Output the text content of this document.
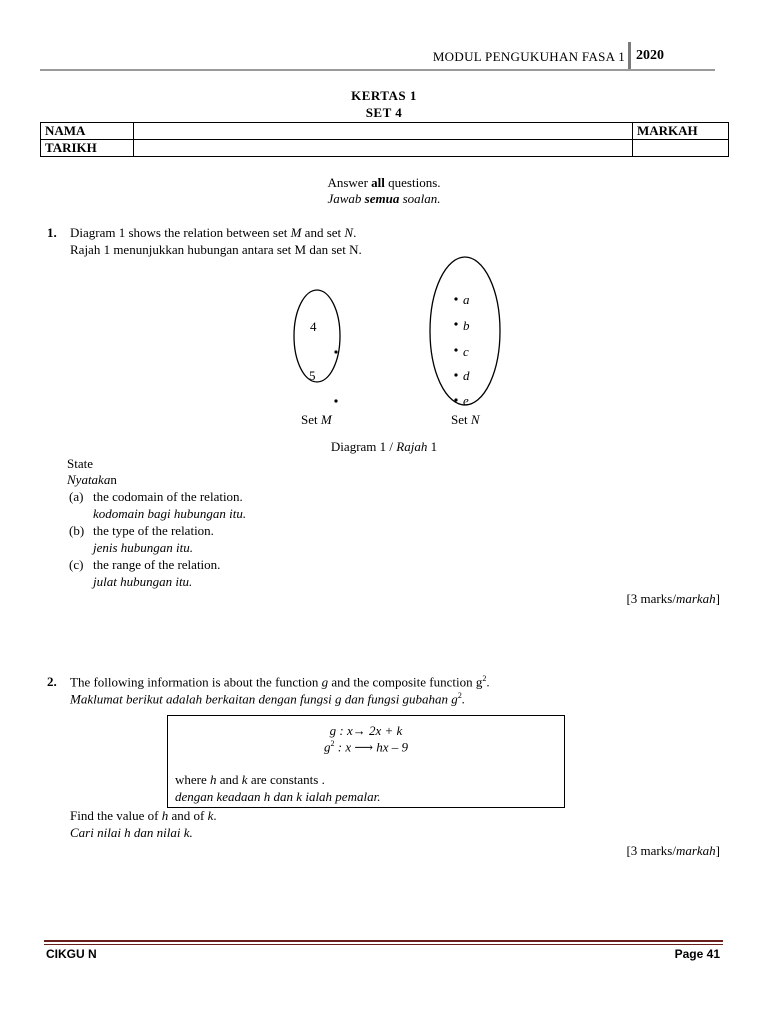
MODUL PENGUKUHAN FASA 1 2020
KERTAS 1
SET 4
NAMA		MARKAH
TARIKH		
Answer all questions.
Jawab semua soalan.
1. Diagram 1 shows the relation between set M and set N.
Rajah 1 menunjukkan hubungan antara set M dan set N.
4
5
a
b
c
d
e
Set M	Set N
Diagram 1 / Rajah 1
State
Nyatakan
(a) the codomain of the relation.
kodomain bagi hubungan itu.
(b) the type of the relation.
jenis hubungan itu.
(c) the range of the relation.
julat hubungan itu.
[3 marks/markah]
2. The following information is about the function g and the composite function $g^2$.
Maklumat berikut adalah berkaitan dengan fungsi g dan fungsi gubahan $g^2$.
g : x→ 2x + k
$g^2$ : x ⟶ hx – 9
where h and k are constants .
dengan keadaan h dan k ialah pemalar.
Find the value of h and of k.
Cari nilai h dan nilai k.
[3 marks/markah]
CIKGU N	Page 41
